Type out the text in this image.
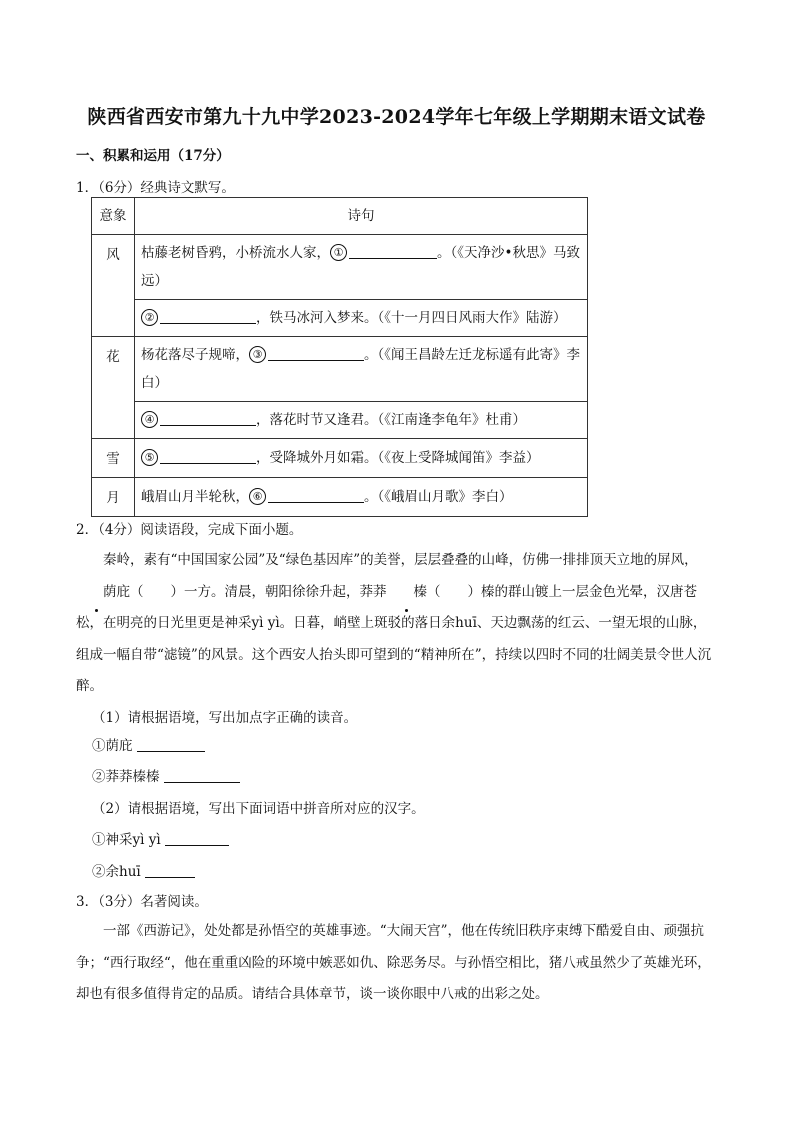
陕西省西安市第九十九中学2023-2024学年七年级上学期期末语文试卷

一、积累和运用（17分）

1．（6分）经典诗文默写。

意象	诗句
风	枯藤老树昏鸦，小桥流水人家， ① 。（《天净沙•秋思》马致远）
	② ，铁马冰河入梦来。（《十一月四日风雨大作》陆游）
花	杨花落尽子规啼， ③ 。（《闻王昌龄左迁龙标遥有此寄》李白）
	④ ，落花时节又逢君。（《江南逢李龟年》杜甫）
雪	⑤ ，受降城外月如霜。（《夜上受降城闻笛》李益）
月	峨眉山月半轮秋， ⑥ 。（《峨眉山月歌》李白）

2．（4分）阅读语段，完成下面小题。

秦岭，素有“中国国家公园”及“绿色基因库”的美誉，层层叠叠的山峰，仿佛一排排顶天立地的屏风，荫庇（　　）一方。清晨，朝阳徐徐升起，莽莽 榛（　　）榛的群山镀上一层金色光晕，汉唐苍松，在明亮的日光里更是神采yì yì。日暮，峭壁上斑驳的落日余huī、天边飘荡的红云、一望无垠的山脉，组成一幅自带“滤镜”的风景。这个西安人抬头即可望到的“精神所在”，持续以四时不同的壮阔美景令世人沉醉。

（1）请根据语境，写出加点字正确的读音。

①荫庇

②莽莽榛榛

（2）请根据语境，写出下面词语中拼音所对应的汉字。

①神采yì yì

②余huī

3．（3分）名著阅读。

一部《西游记》，处处都是孙悟空的英雄事迹。“大闹天宫”，他在传统旧秩序束缚下酷爱自由、顽强抗争；“西行取经“，他在重重凶险的环境中嫉恶如仇、除恶务尽。与孙悟空相比，猪八戒虽然少了英雄光环，却也有很多值得肯定的品质。请结合具体章节，谈一谈你眼中八戒的出彩之处。
